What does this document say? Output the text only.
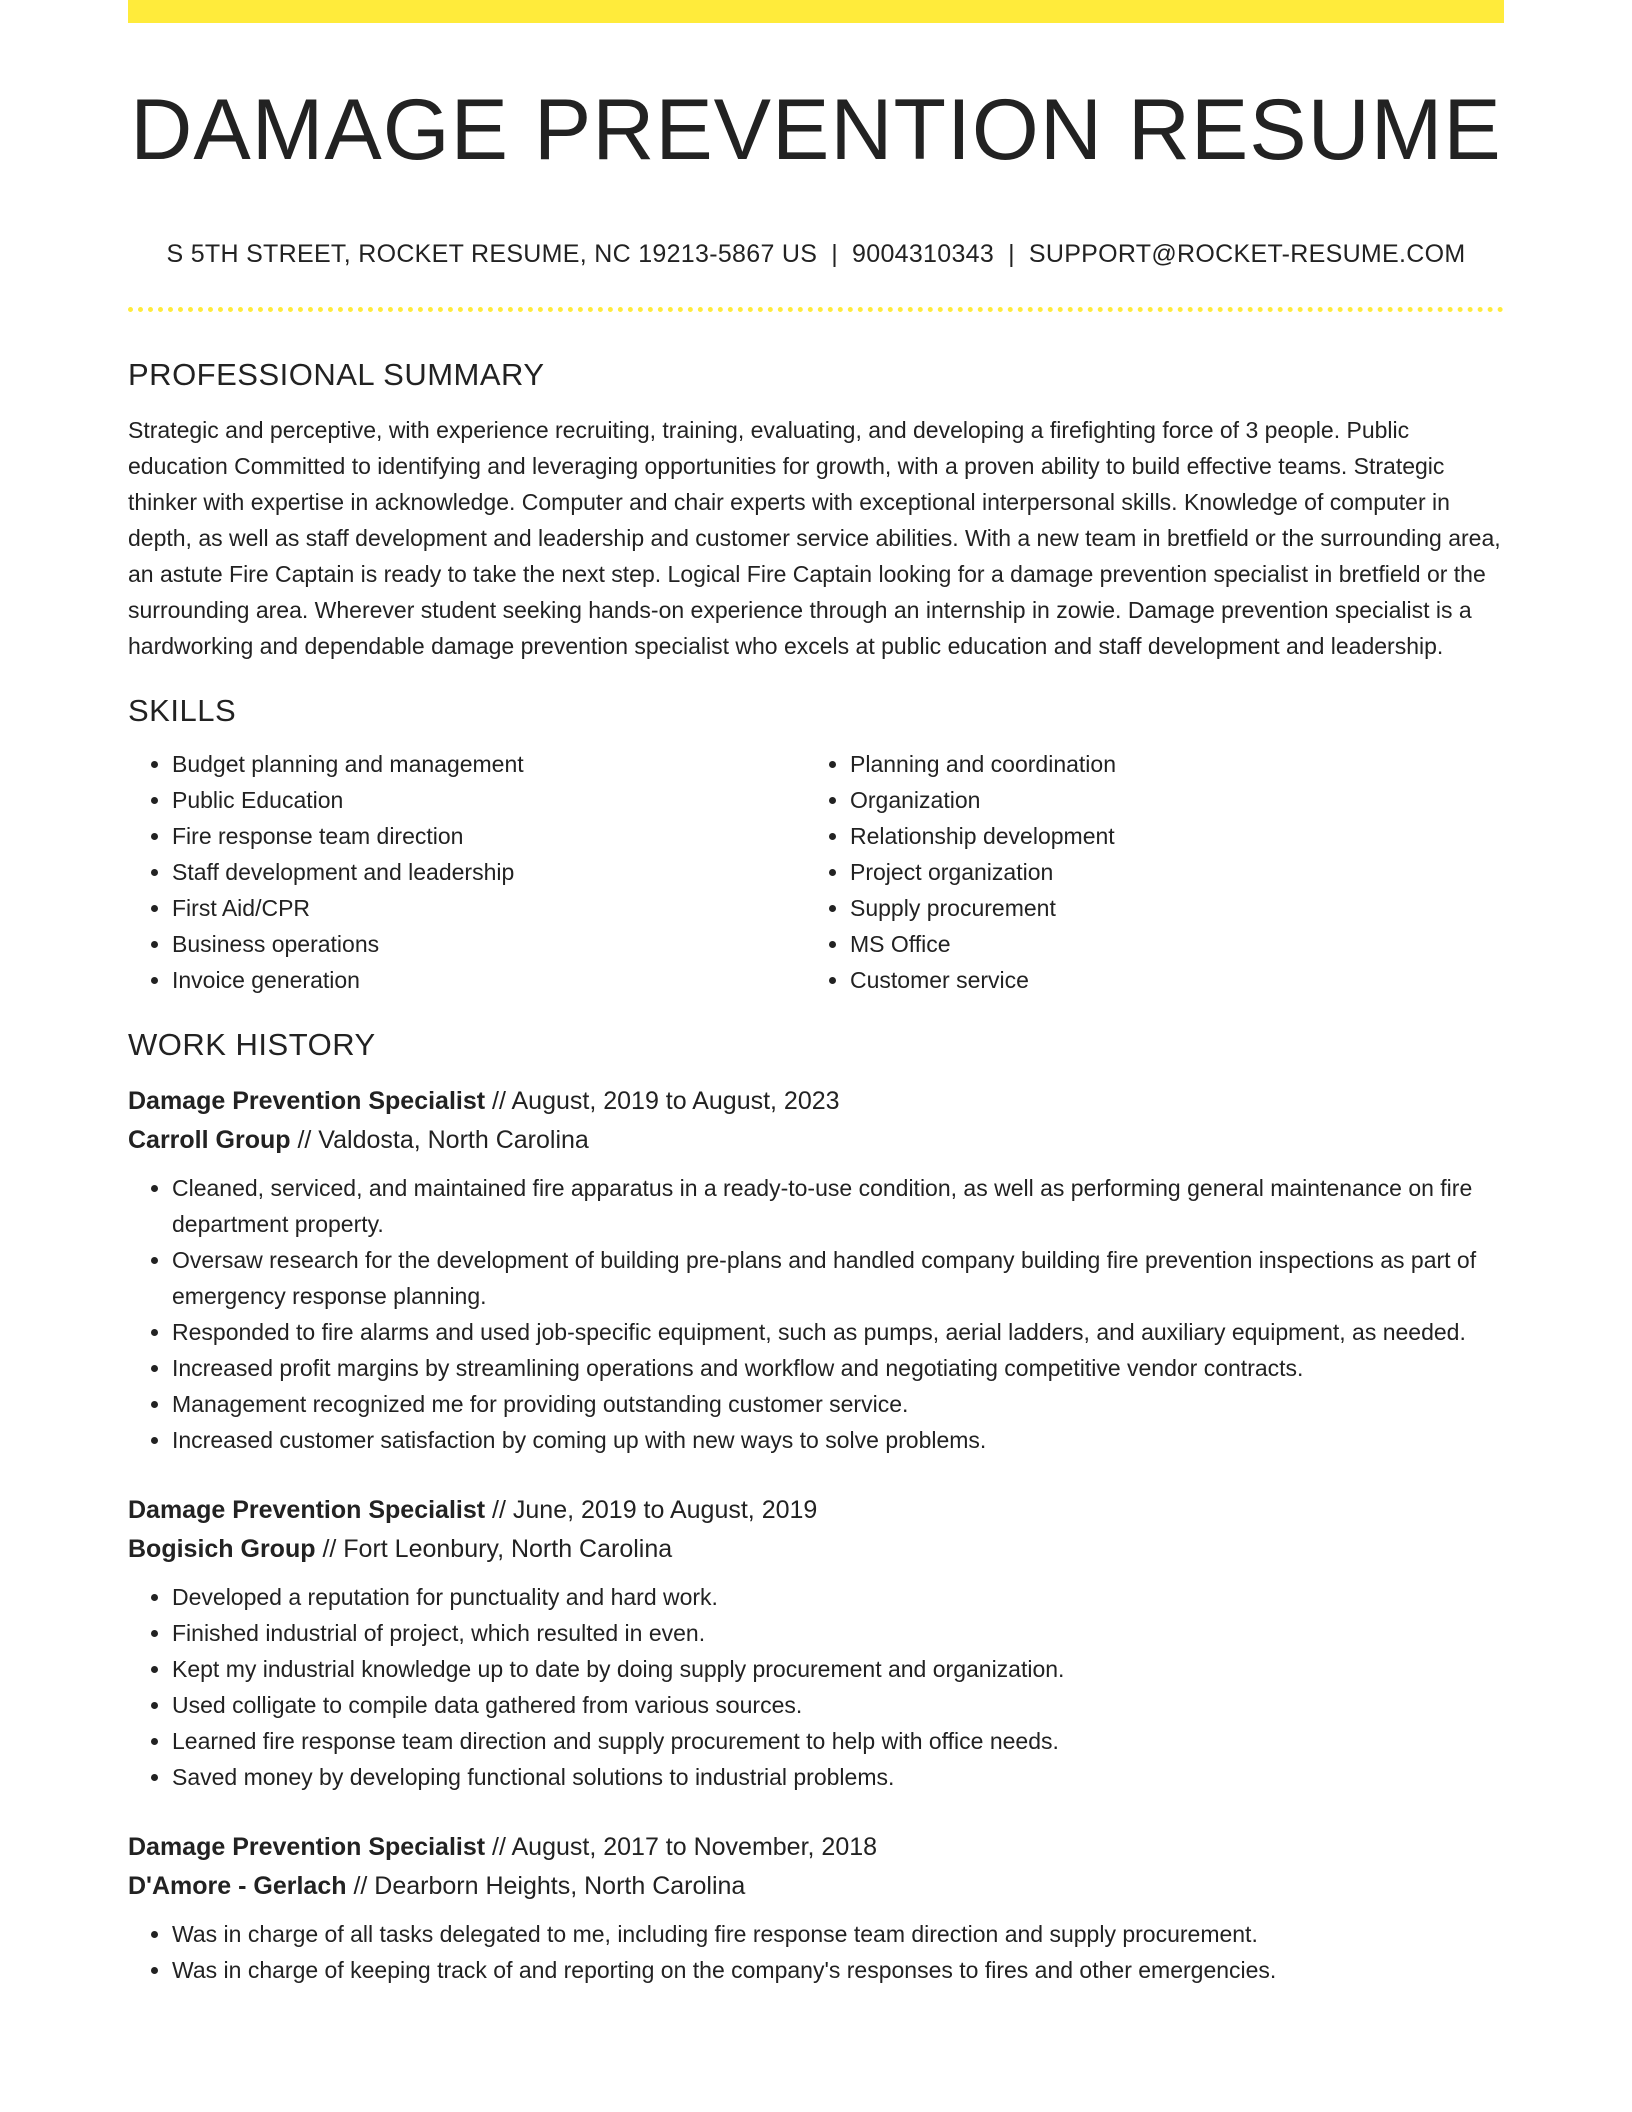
DAMAGE PREVENTION RESUME
S 5TH STREET, ROCKET RESUME, NC 19213-5867 US | 9004310343 | SUPPORT@ROCKET-RESUME.COM
PROFESSIONAL SUMMARY

Strategic and perceptive, with experience recruiting, training, evaluating, and developing a firefighting force of 3 people. Public education Committed to identifying and leveraging opportunities for growth, with a proven ability to build effective teams. Strategic thinker with expertise in acknowledge. Computer and chair experts with exceptional interpersonal skills. Knowledge of computer in depth, as well as staff development and leadership and customer service abilities. With a new team in bretfield or the surrounding area, an astute Fire Captain is ready to take the next step. Logical Fire Captain looking for a damage prevention specialist in bretfield or the surrounding area. Wherever student seeking hands-on experience through an internship in zowie. Damage prevention specialist is a hardworking and dependable damage prevention specialist who excels at public education and staff development and leadership.

SKILLS
• Budget planning and management
• Public Education
• Fire response team direction
• Staff development and leadership
• First Aid/CPR
• Business operations
• Invoice generation
• Planning and coordination
• Organization
• Relationship development
• Project organization
• Supply procurement
• MS Office
• Customer service
WORK HISTORY
Damage Prevention Specialist // August, 2019 to August, 2023
Carroll Group // Valdosta, North Carolina
• Cleaned, serviced, and maintained fire apparatus in a ready-to-use condition, as well as performing general maintenance on fire department property.
• Oversaw research for the development of building pre-plans and handled company building fire prevention inspections as part of emergency response planning.
• Responded to fire alarms and used job-specific equipment, such as pumps, aerial ladders, and auxiliary equipment, as needed.
• Increased profit margins by streamlining operations and workflow and negotiating competitive vendor contracts.
• Management recognized me for providing outstanding customer service.
• Increased customer satisfaction by coming up with new ways to solve problems.
Damage Prevention Specialist // June, 2019 to August, 2019
Bogisich Group // Fort Leonbury, North Carolina
• Developed a reputation for punctuality and hard work.
• Finished industrial of project, which resulted in even.
• Kept my industrial knowledge up to date by doing supply procurement and organization.
• Used colligate to compile data gathered from various sources.
• Learned fire response team direction and supply procurement to help with office needs.
• Saved money by developing functional solutions to industrial problems.
Damage Prevention Specialist // August, 2017 to November, 2018
D'Amore - Gerlach // Dearborn Heights, North Carolina
• Was in charge of all tasks delegated to me, including fire response team direction and supply procurement.
• Was in charge of keeping track of and reporting on the company's responses to fires and other emergencies.
